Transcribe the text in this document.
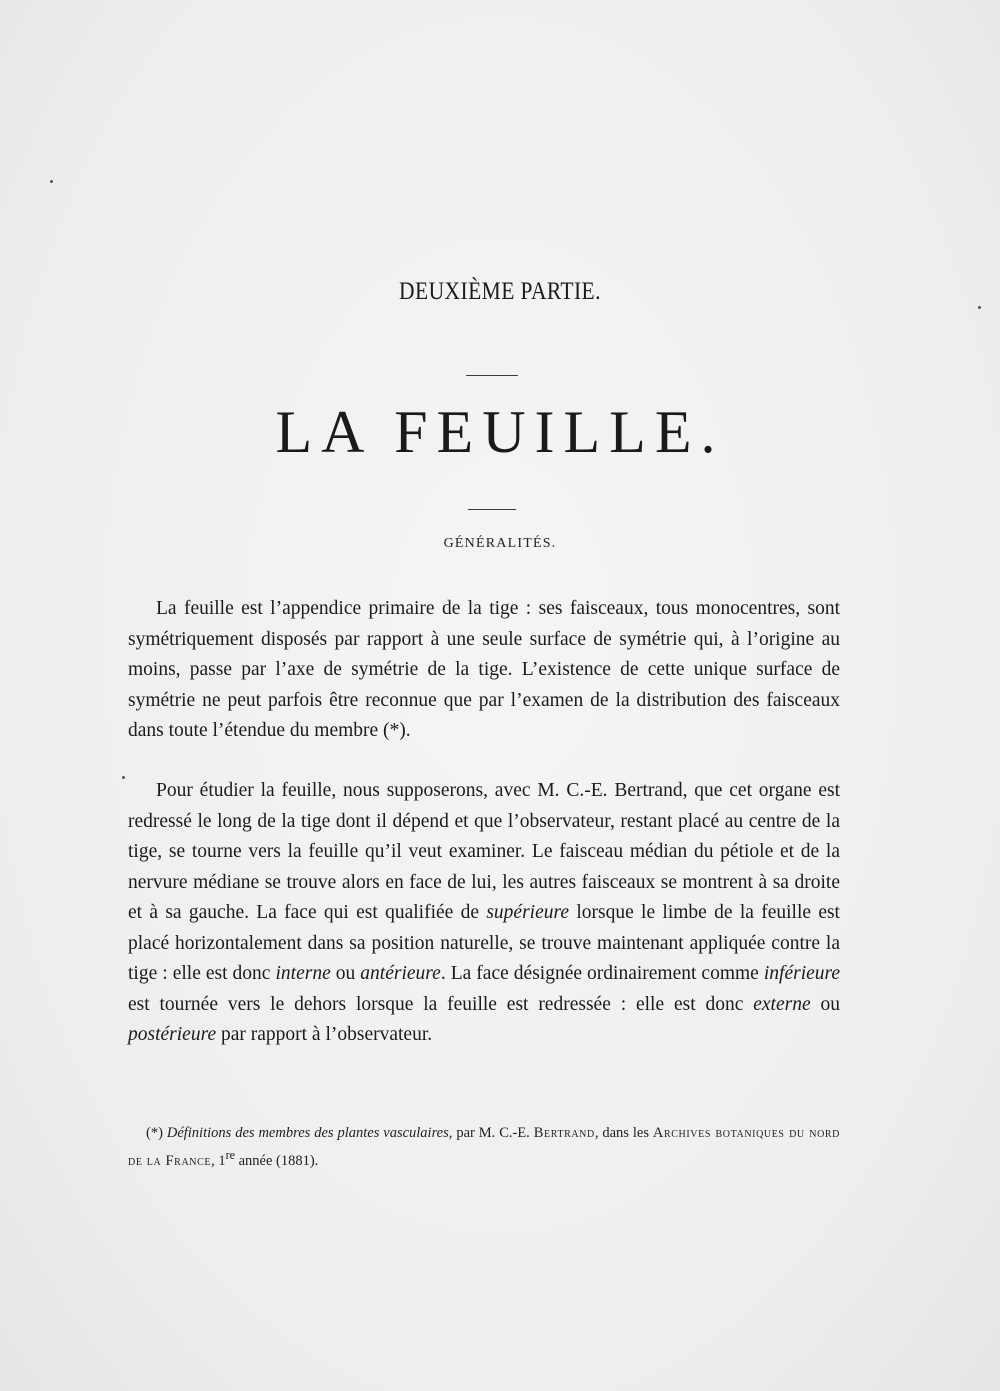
DEUXIÈME PARTIE.
LA FEUILLE.
GÉNÉRALITÉS.

La feuille est l’appendice primaire de la tige : ses faisceaux, tous monocentres, sont symétriquement disposés par rapport à une seule surface de symétrie qui, à l’origine au moins, passe par l’axe de symétrie de la tige. L’existence de cette unique surface de symétrie ne peut parfois être reconnue que par l’examen de la distribution des faisceaux dans toute l’étendue du membre (*).

Pour étudier la feuille, nous supposerons, avec M. C.-E. Bertrand, que cet organe est redressé le long de la tige dont il dépend et que l’observateur, restant placé au centre de la tige, se tourne vers la feuille qu’il veut examiner. Le faisceau médian du pétiole et de la nervure médiane se trouve alors en face de lui, les autres faisceaux se montrent à sa droite et à sa gauche. La face qui est qualifiée de supérieure lorsque le limbe de la feuille est placé horizontalement dans sa position naturelle, se trouve maintenant appliquée contre la tige : elle est donc interne ou antérieure. La face désignée ordinairement comme inférieure est tournée vers le dehors lorsque la feuille est redressée : elle est donc externe ou postérieure par rapport à l’observateur.

(*) Définitions des membres des plantes vasculaires, par M. C.-E. Bertrand, dans les Archives botaniques du nord de la France, 1re année (1881).
